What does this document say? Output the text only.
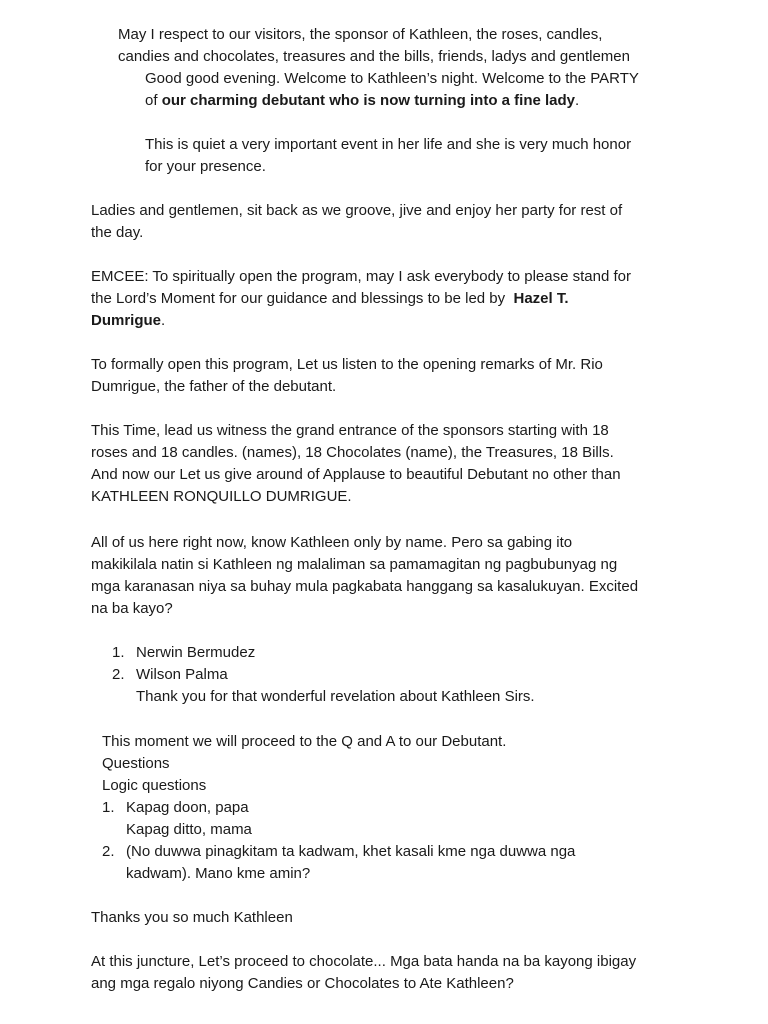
May I respect to our visitors, the sponsor of Kathleen, the roses, candles,
candies and chocolates, treasures and the bills, friends, ladys and gentlemen
Good good evening. Welcome to Kathleen’s night. Welcome to the PARTY
of our charming debutant who is now turning into a fine lady.
This is quiet a very important event in her life and she is very much honor
for your presence.
Ladies and gentlemen, sit back as we groove, jive and enjoy her party for rest of
the day.
EMCEE: To spiritually open the program, may I ask everybody to please stand for
the Lord’s Moment for our guidance and blessings to be led by  Hazel T.
Dumrigue.
To formally open this program, Let us listen to the opening remarks of Mr. Rio
Dumrigue, the father of the debutant.
This Time, lead us witness the grand entrance of the sponsors starting with 18
roses and 18 candles. (names), 18 Chocolates (name), the Treasures, 18 Bills.
And now our Let us give around of Applause to beautiful Debutant no other than
KATHLEEN RONQUILLO DUMRIGUE.
All of us here right now, know Kathleen only by name. Pero sa gabing ito
makikilala natin si Kathleen ng malaliman sa pamamagitan ng pagbubunyag ng
mga karanasan niya sa buhay mula pagkabata hanggang sa kasalukuyan. Excited
na ba kayo?
1. Nerwin Bermudez
2. Wilson Palma
Thank you for that wonderful revelation about Kathleen Sirs.
This moment we will proceed to the Q and A to our Debutant.
Questions
Logic questions
1. Kapag doon, papa
Kapag ditto, mama
2. (No duwwa pinagkitam ta kadwam, khet kasali kme nga duwwa nga
kadwam). Mano kme amin?
Thanks you so much Kathleen
At this juncture, Let’s proceed to chocolate... Mga bata handa na ba kayong ibigay
ang mga regalo niyong Candies or Chocolates to Ate Kathleen?
